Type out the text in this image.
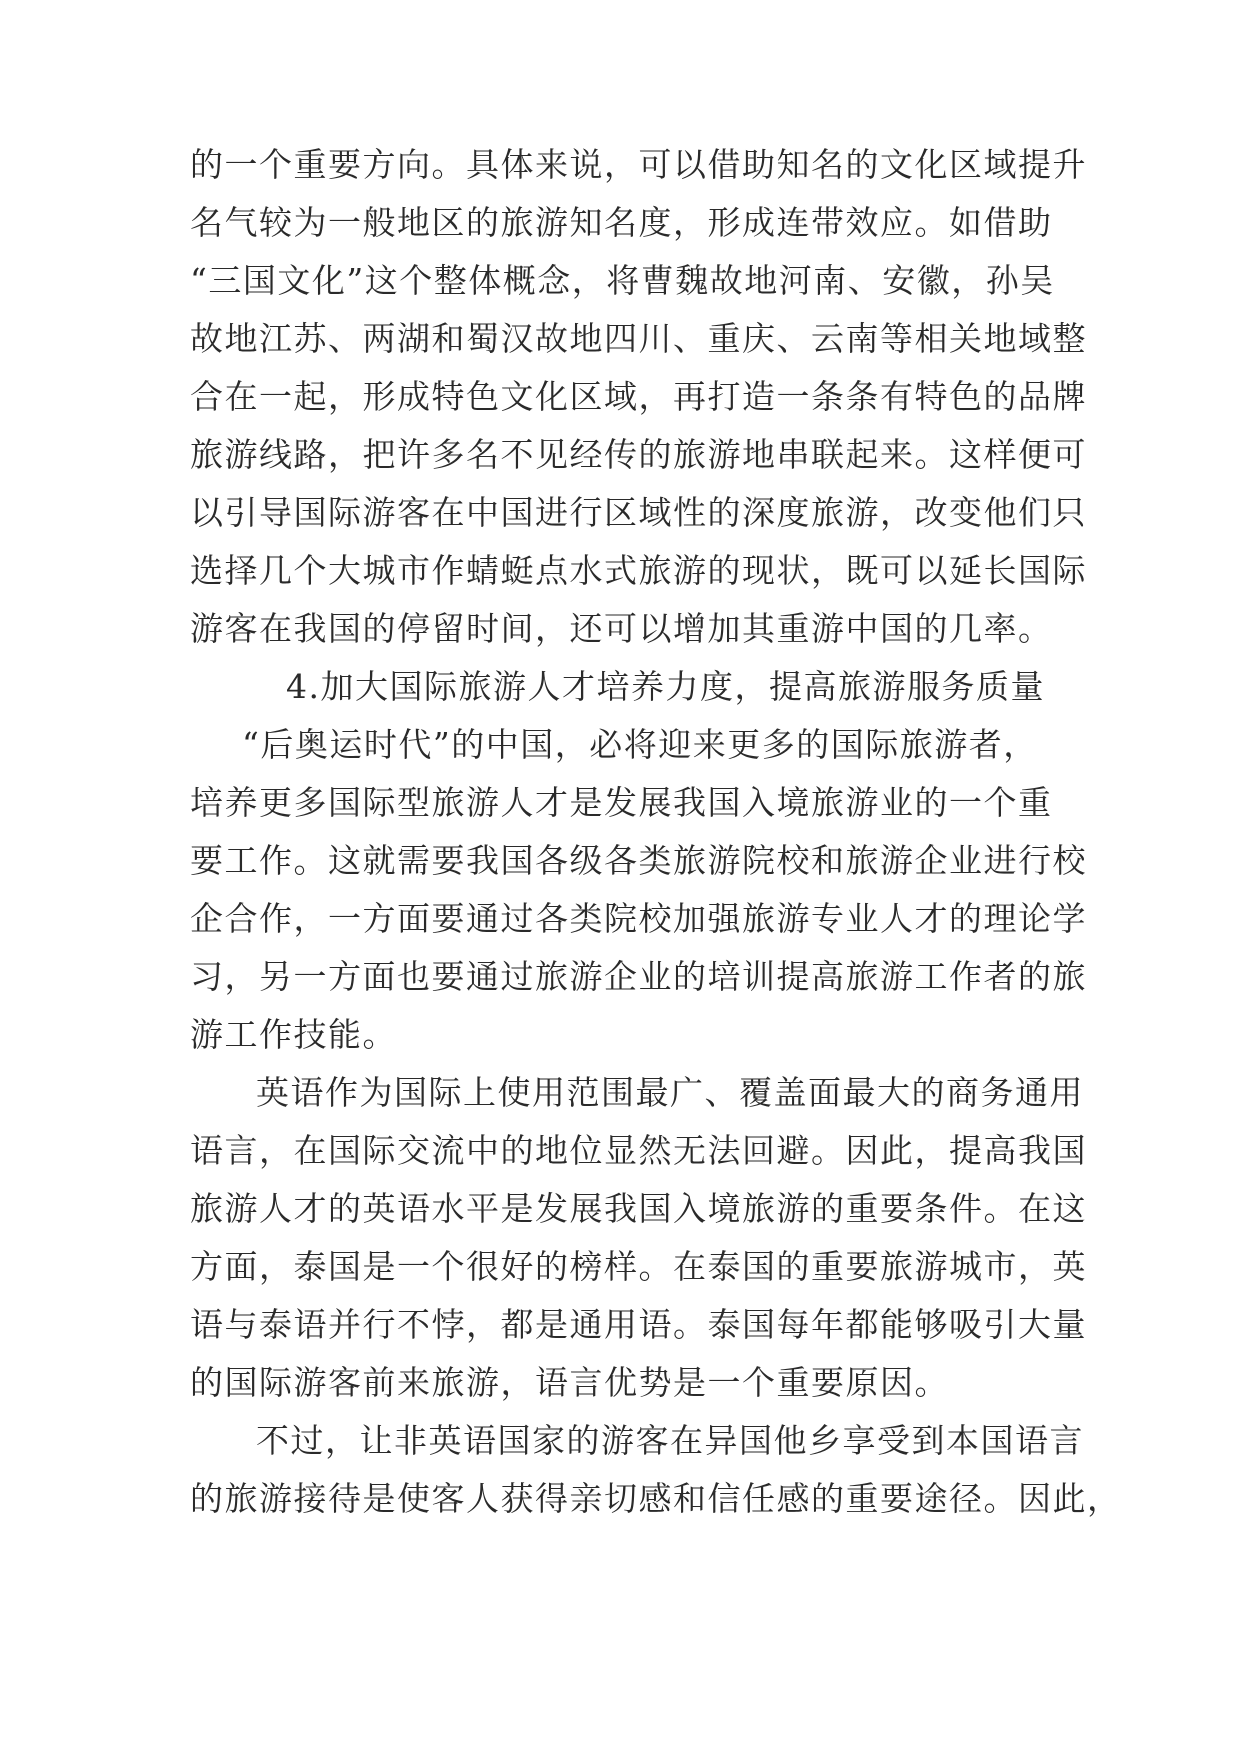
的一个重要方向。具体来说，可以借助知名的文化区域提升
名气较为一般地区的旅游知名度，形成连带效应。如借助
“三国文化”这个整体概念，将曹魏故地河南、安徽，孙吴
故地江苏、两湖和蜀汉故地四川、重庆、云南等相关地域整
合在一起，形成特色文化区域，再打造一条条有特色的品牌
旅游线路，把许多名不见经传的旅游地串联起来。这样便可
以引导国际游客在中国进行区域性的深度旅游，改变他们只
选择几个大城市作蜻蜓点水式旅游的现状，既可以延长国际
游客在我国的停留时间，还可以增加其重游中国的几率。
4.加大国际旅游人才培养力度，提高旅游服务质量
“后奥运时代”的中国，必将迎来更多的国际旅游者，
培养更多国际型旅游人才是发展我国入境旅游业的一个重
要工作。这就需要我国各级各类旅游院校和旅游企业进行校
企合作，一方面要通过各类院校加强旅游专业人才的理论学
习，另一方面也要通过旅游企业的培训提高旅游工作者的旅
游工作技能。
英语作为国际上使用范围最广、覆盖面最大的商务通用
语言，在国际交流中的地位显然无法回避。因此，提高我国
旅游人才的英语水平是发展我国入境旅游的重要条件。在这
方面，泰国是一个很好的榜样。在泰国的重要旅游城市，英
语与泰语并行不悖，都是通用语。泰国每年都能够吸引大量
的国际游客前来旅游，语言优势是一个重要原因。
不过，让非英语国家的游客在异国他乡享受到本国语言
的旅游接待是使客人获得亲切感和信任感的重要途径。因此，
